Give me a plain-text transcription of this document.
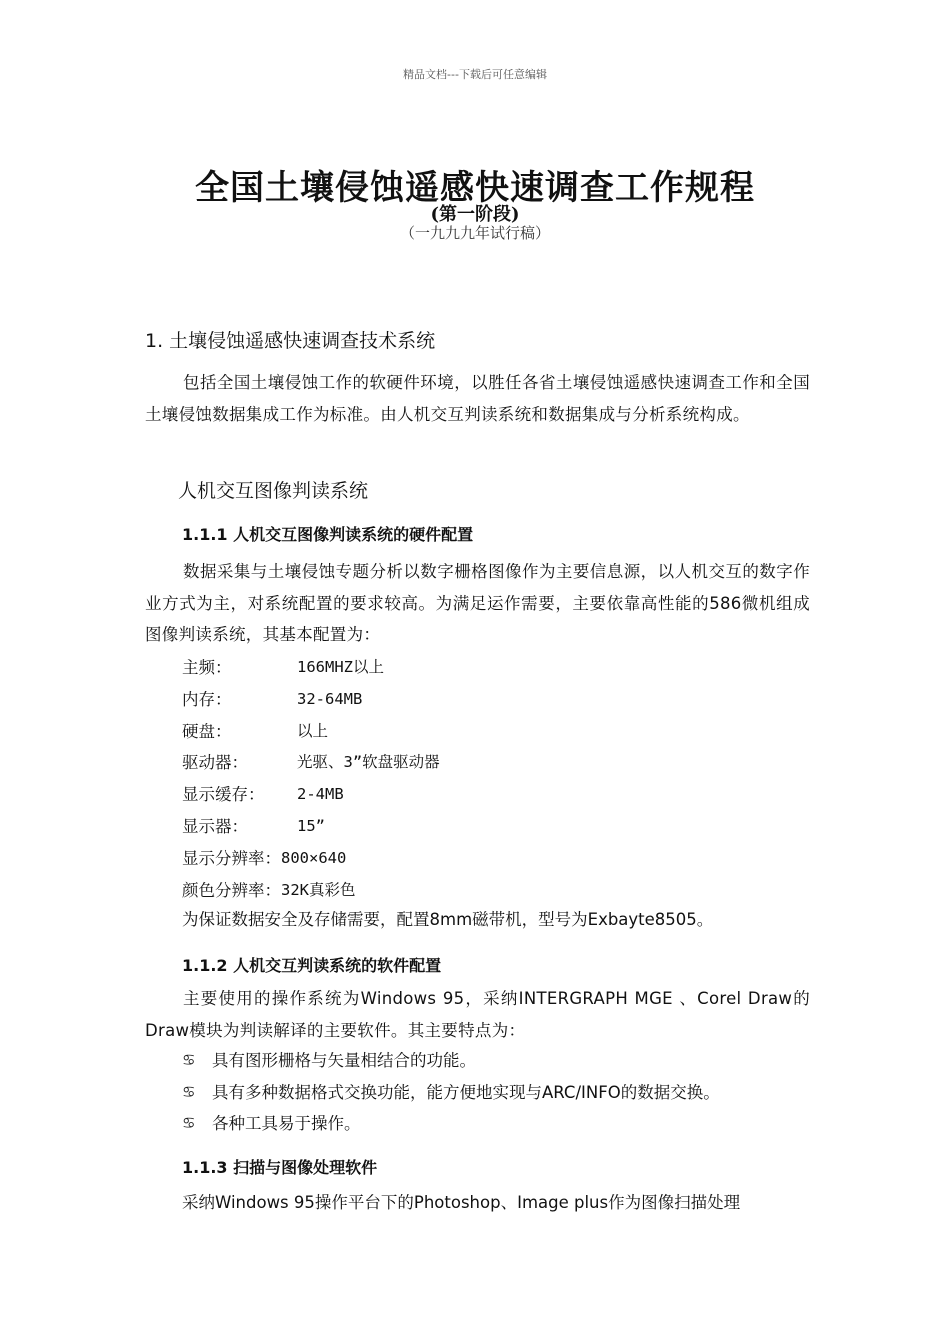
精品文档---下载后可任意编辑
全国土壤侵蚀遥感快速调查工作规程
(第一阶段)
（一九九九年试行稿）
1. 土壤侵蚀遥感快速调查技术系统
包括全国土壤侵蚀工作的软硬件环境，以胜任各省土壤侵蚀遥感快速调查工作和全国土壤侵蚀数据集成工作为标准。由人机交互判读系统和数据集成与分析系统构成。
人机交互图像判读系统
1.1.1 人机交互图像判读系统的硬件配置
数据采集与土壤侵蚀专题分析以数字栅格图像作为主要信息源，以人机交互的数字作业方式为主，对系统配置的要求较高。为满足运作需要，主要依靠高性能的586微机组成图像判读系统，其基本配置为：
主频：	166MHZ以上
内存：	32-64MB
硬盘：	以上
驱动器：	光驱、3”软盘驱动器
显示缓存：	2-4MB
显示器：	15”
显示分辨率： 800×640
颜色分辨率： 32K真彩色
为保证数据安全及存储需要，配置8mm磁带机，型号为Exbayte8505。
1.1.2 人机交互判读系统的软件配置
主要使用的操作系统为Windows 95，采纳INTERGRAPH MGE 、Corel Draw的Draw模块为判读解译的主要软件。其主要特点为：
♋	具有图形栅格与矢量相结合的功能。
♋	具有多种数据格式交换功能，能方便地实现与ARC/INFO的数据交换。
♋	各种工具易于操作。
1.1.3 扫描与图像处理软件
采纳Windows 95操作平台下的Photoshop、Image plus作为图像扫描处理
